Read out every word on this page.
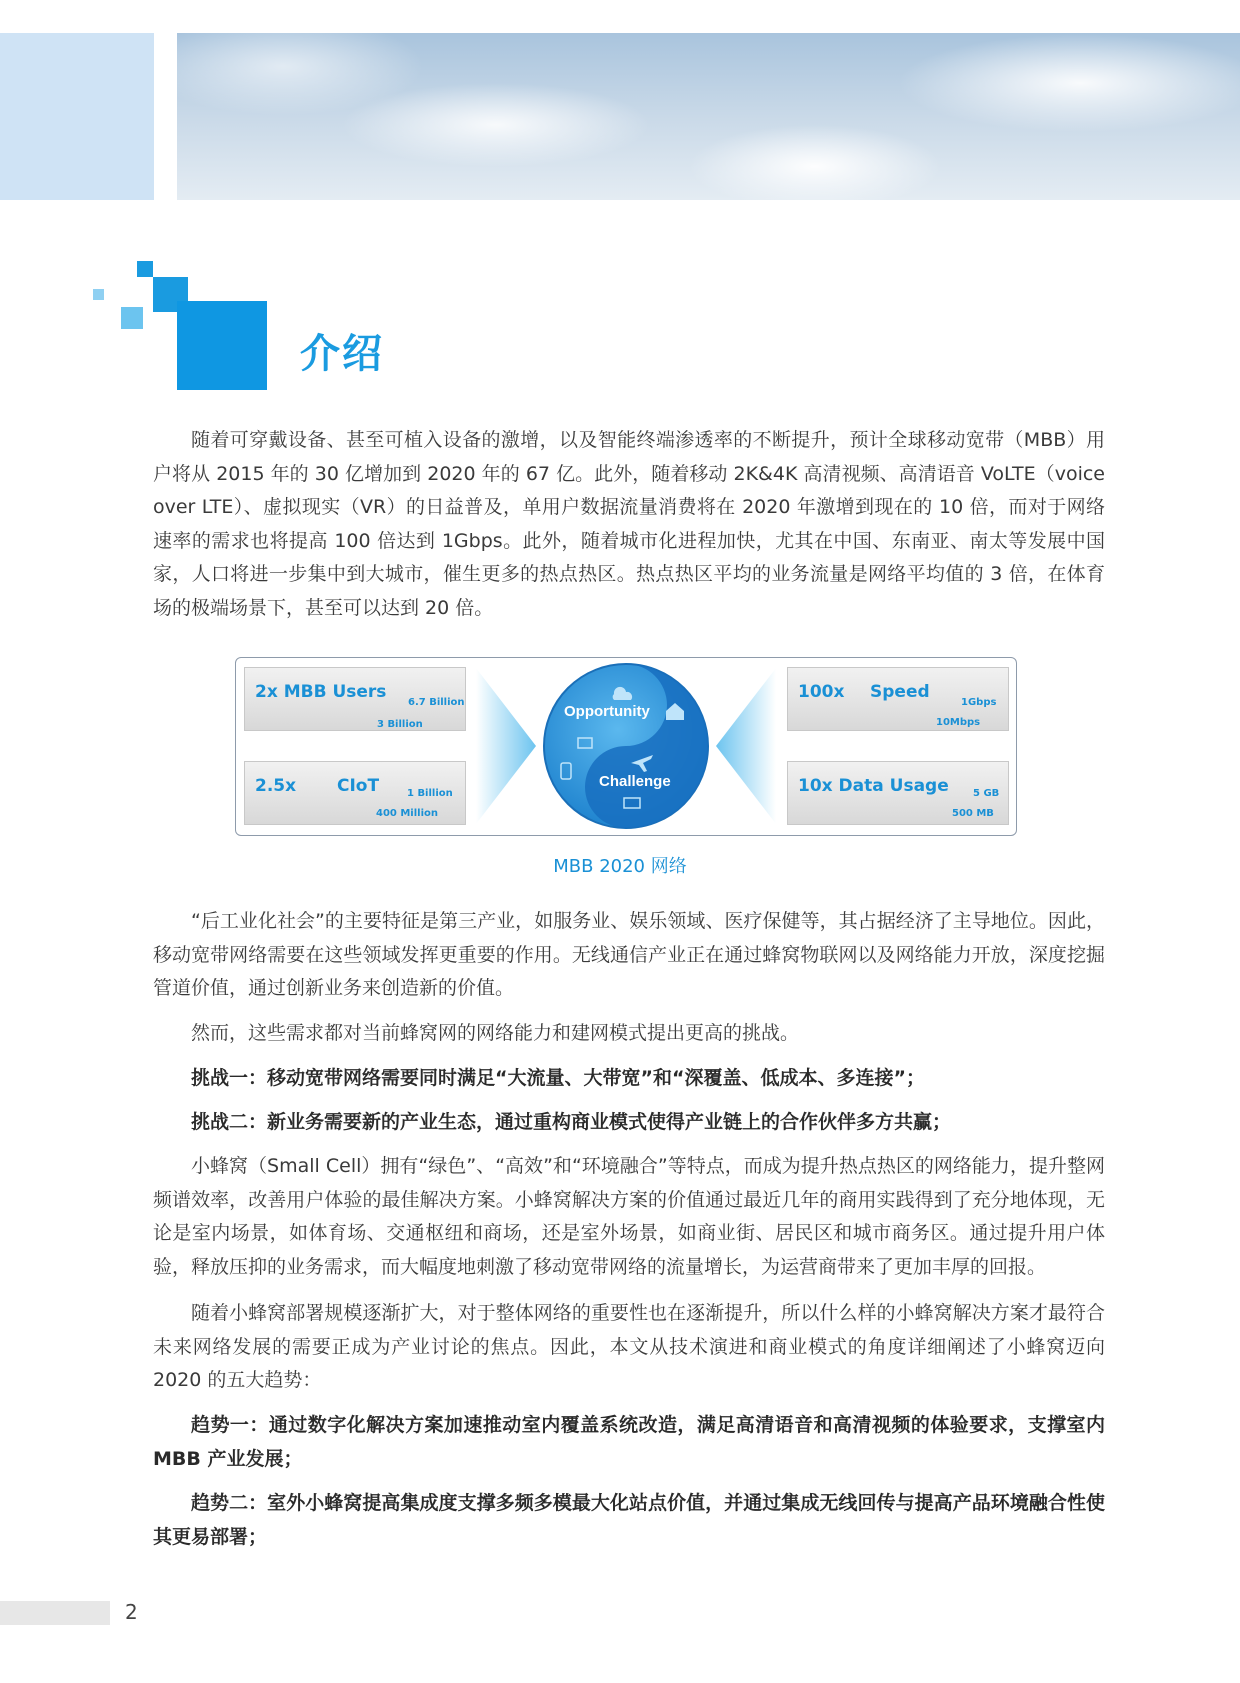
介绍

随着可穿戴设备、甚至可植入设备的激增，以及智能终端渗透率的不断提升，预计全球移动宽带（MBB）用户将从 2015 年的 30 亿增加到 2020 年的 67 亿。此外，随着移动 2K&4K 高清视频、高清语音 VoLTE（voice over LTE）、虚拟现实（VR）的日益普及，单用户数据流量消费将在 2020 年激增到现在的 10 倍，而对于网络速率的需求也将提高 100 倍达到 1Gbps。此外，随着城市化进程加快，尤其在中国、东南亚、南太等发展中国家，人口将进一步集中到大城市，催生更多的热点热区。热点热区平均的业务流量是网络平均值的 3 倍，在体育场的极端场景下，甚至可以达到 20 倍。

2x MBB Users
6.7 Billion
3 Billion
2.5x CIoT	1 Billion
400 Million
100x Speed
1Gbps
10Mbps
10x Data Usage 5 GB
500 MB
Opportunity
Challenge
MBB 2020 网络

“后工业化社会”的主要特征是第三产业，如服务业、娱乐领域、医疗保健等，其占据经济了主导地位。因此，移动宽带网络需要在这些领域发挥更重要的作用。无线通信产业正在通过蜂窝物联网以及网络能力开放，深度挖掘管道价值，通过创新业务来创造新的价值。

然而，这些需求都对当前蜂窝网的网络能力和建网模式提出更高的挑战。

挑战一：移动宽带网络需要同时满足“大流量、大带宽”和“深覆盖、低成本、多连接”；

挑战二：新业务需要新的产业生态，通过重构商业模式使得产业链上的合作伙伴多方共赢；

小蜂窝（Small Cell）拥有“绿色”、“高效”和“环境融合”等特点，而成为提升热点热区的网络能力，提升整网频谱效率，改善用户体验的最佳解决方案。小蜂窝解决方案的价值通过最近几年的商用实践得到了充分地体现，无论是室内场景，如体育场、交通枢纽和商场，还是室外场景，如商业街、居民区和城市商务区。通过提升用户体验，释放压抑的业务需求，而大幅度地刺激了移动宽带网络的流量增长，为运营商带来了更加丰厚的回报。

随着小蜂窝部署规模逐渐扩大，对于整体网络的重要性也在逐渐提升，所以什么样的小蜂窝解决方案才最符合未来网络发展的需要正成为产业讨论的焦点。因此，本文从技术演进和商业模式的角度详细阐述了小蜂窝迈向 2020 的五大趋势：

趋势一：通过数字化解决方案加速推动室内覆盖系统改造，满足高清语音和高清视频的体验要求，支撑室内 MBB 产业发展；

趋势二：室外小蜂窝提高集成度支撑多频多模最大化站点价值，并通过集成无线回传与提高产品环境融合性使其更易部署；

2
